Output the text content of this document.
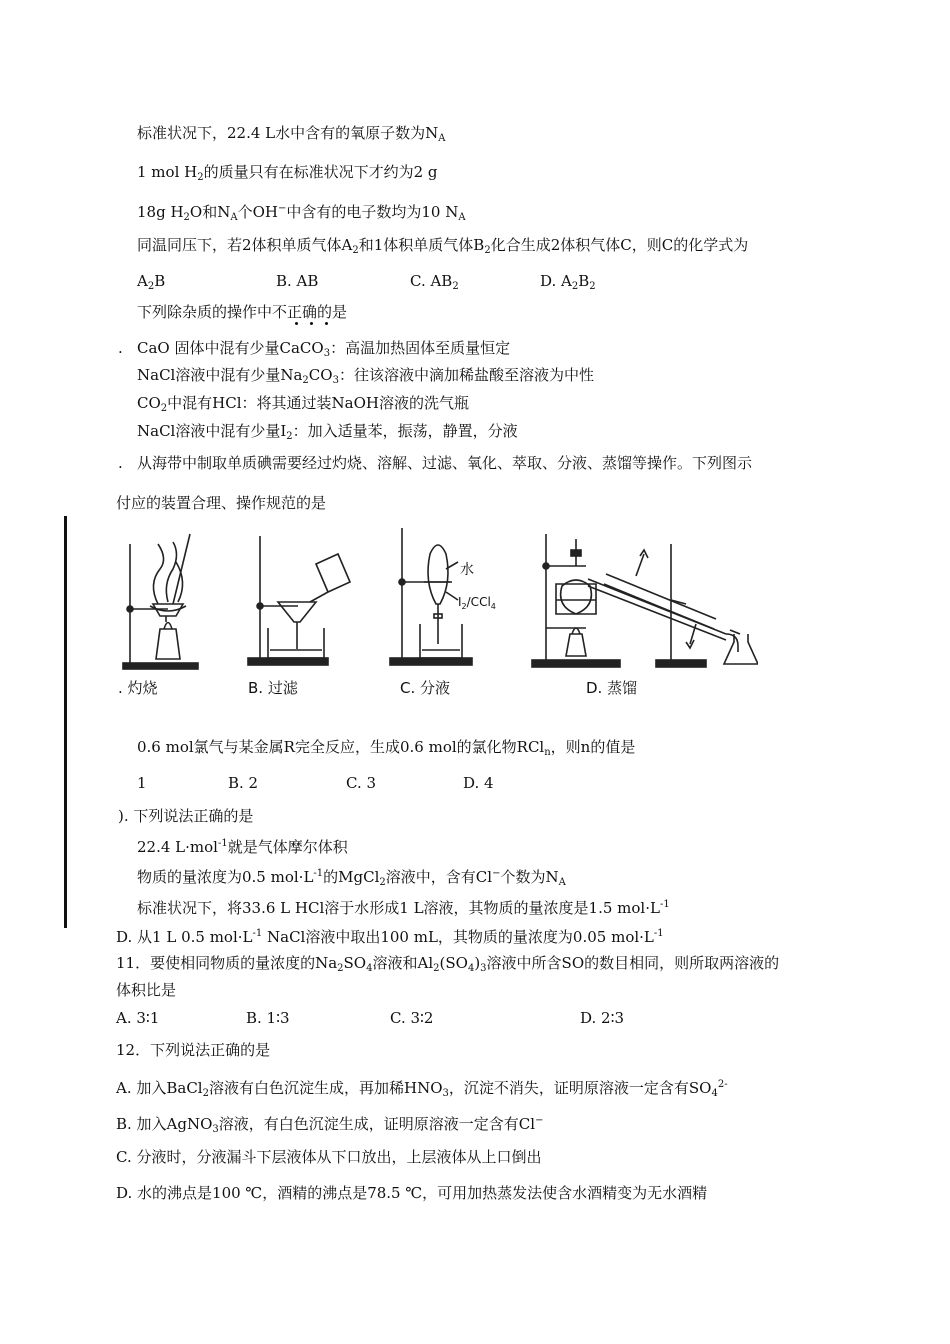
标准状况下，22.4 L水中含有的氧原子数为$N_A$
1 mol $H_2$的质量只有在标准状况下才约为2 g
18g $H_2O$和$N_A$个OH−中含有的电子数均为10 $N_A$
同温同压下，若2体积单质气体$A_2$和1体积单质气体$B_2$化合生成2体积气体C，则C的化学式为
$A_2B$	B. AB	C. $AB_2$	D. $A_2B_2$
下列除杂质的操作中不正确的是
. CaO 固体中混有少量CaCO$_3$：高温加热固体至质量恒定
NaCl溶液中混有少量$Na_2CO_3$：往该溶液中滴加稀盐酸至溶液为中性
$CO_2$中混有HCl：将其通过装NaOH溶液的洗气瓶
NaCl溶液中混有少量$I_2$：加入适量苯，振荡，静置，分液
. 从海带中制取单质碘需要经过灼烧、溶解、过滤、氧化、萃取、分液、蒸馏等操作。下列图示
付应的装置合理、操作规范的是
水
$I_2/CCl_4$
. 灼烧	B. 过滤	C. 分液	D. 蒸馏
0.6 mol氯气与某金属R完全反应，生成0.6 mol的氯化物RCl$_n$，则n的值是
1	B. 2	C. 3	D. 4
). 下列说法正确的是
22.4 L·mol$^{-1}$就是气体摩尔体积
物质的量浓度为0.5 $mol\cdot L^{-1}$的MgCl$_2$溶液中，含有Cl−个数为$N_A$
标准状况下，将33.6 L HCl溶于水形成1 L溶液，其物质的量浓度是1.5 $mol\cdot L^{-1}$
D. 从1 L 0.5 $mol\cdot L^{-1}$ NaCl溶液中取出100 mL，其物质的量浓度为0.05 $mol\cdot L^{-1}$
11．要使相同物质的量浓度的$Na_2SO_4$溶液和$Al_2(SO_4)_3$溶液中所含SO的数目相同，则所取两溶液的
体积比是
A. 3∶1	B. 1∶3	C. 3∶2	D. 2∶3
12．下列说法正确的是
A. 加入BaCl$_2$溶液有白色沉淀生成，再加稀$HNO_3$，沉淀不消失，证明原溶液一定含有$SO_4^{2-}$
B. 加入AgNO$_3$溶液，有白色沉淀生成，证明原溶液一定含有Cl−
C. 分液时，分液漏斗下层液体从下口放出，上层液体从上口倒出
D. 水的沸点是100 ℃，酒精的沸点是78.5 ℃，可用加热蒸发法使含水酒精变为无水酒精
